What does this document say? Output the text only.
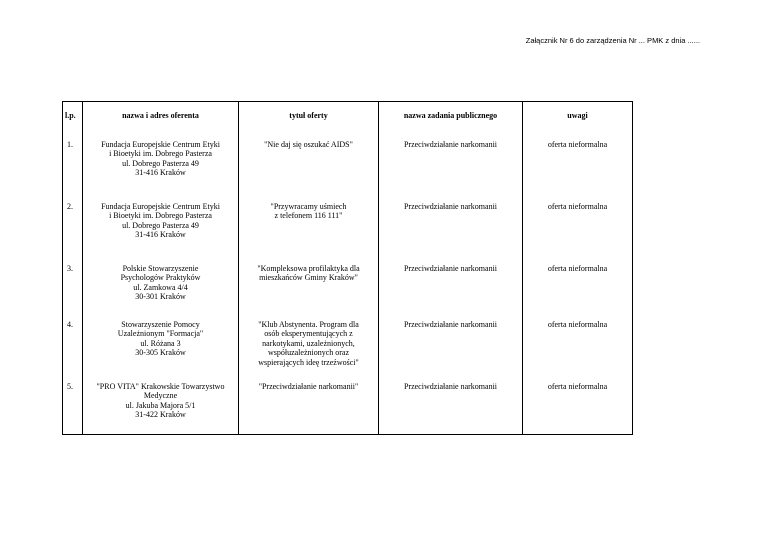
Załącznik Nr 6 do zarządzenia Nr ... PMK z dnia ......
l.p.	nazwa i adres oferenta	tytuł oferty	nazwa zadania publicznego	uwagi
1.	Fundacja Europejskie Centrum Etyki
i Bioetyki im. Dobrego Pasterza
ul. Dobrego Pasterza 49
31-416 Kraków	"Nie daj się oszukać AIDS"	Przeciwdziałanie narkomanii	oferta nieformalna
2.	Fundacja Europejskie Centrum Etyki
i Bioetyki im. Dobrego Pasterza
ul. Dobrego Pasterza 49
31-416 Kraków	"Przywracamy uśmiech
z telefonem 116 111"	Przeciwdziałanie narkomanii	oferta nieformalna
3.	Polskie Stowarzyszenie
Psychologów Praktyków
ul. Zamkowa 4/4
30-301 Kraków	"Kompleksowa profilaktyka dla
mieszkańców Gminy Kraków"	Przeciwdziałanie narkomanii	oferta nieformalna
4.	Stowarzyszenie Pomocy
Uzależnionym "Formacja"
ul. Różana 3
30-305 Kraków	"Klub Abstynenta. Program dla
osób eksperymentujących z
narkotykami, uzależnionych,
współuzależnionych oraz
wspierających ideę trzeźwości"	Przeciwdziałanie narkomanii	oferta nieformalna
5.	"PRO VITA" Krakowskie Towarzystwo
Medyczne
ul. Jakuba Majora 5/1
31-422 Kraków	"Przeciwdziałanie narkomanii"	Przeciwdziałanie narkomanii	oferta nieformalna
